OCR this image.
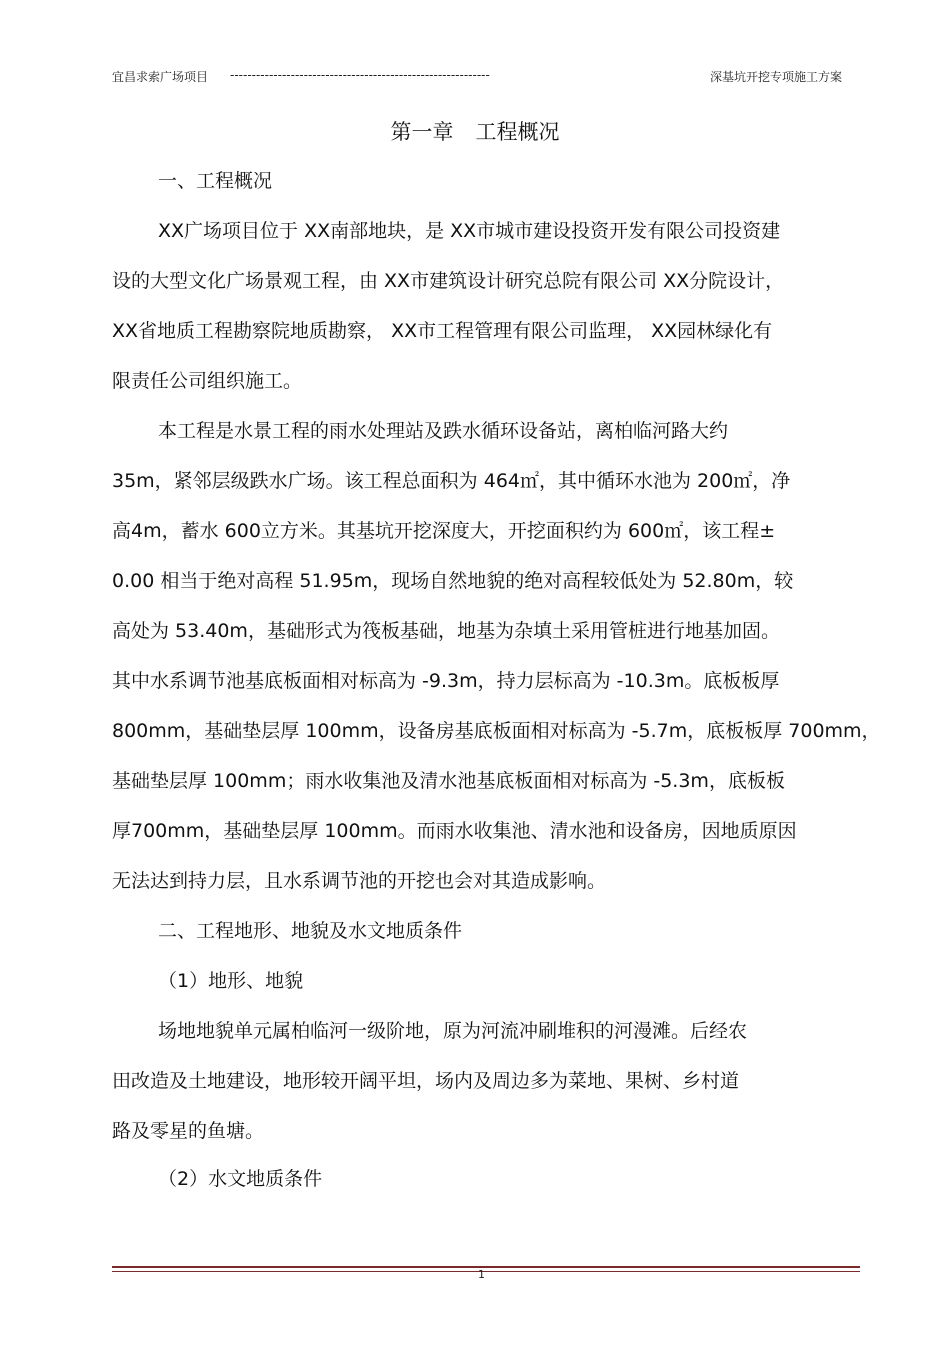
宜昌求索广场项目 ------------------------------------------------------------	深基坑开挖专项施工方案
第一章 工程概况
一、工程概况
XX广场项目位于 XX南部地块，是 XX市城市建设投资开发有限公司投资建
设的大型文化广场景观工程，由 XX市建筑设计研究总院有限公司 XX分院设计，
XX省地质工程勘察院地质勘察， XX市工程管理有限公司监理， XX园林绿化有
限责任公司组织施工。
本工程是水景工程的雨水处理站及跌水循环设备站，离柏临河路大约
35m，紧邻层级跌水广场。该工程总面积为 464㎡，其中循环水池为 200㎡，净
高4m，蓄水 600立方米。其基坑开挖深度大，开挖面积约为 600㎡，该工程±
0.00 相当于绝对高程 51.95m，现场自然地貌的绝对高程较低处为 52.80m，较
高处为 53.40m，基础形式为筏板基础，地基为杂填土采用管桩进行地基加固。
其中水系调节池基底板面相对标高为 -9.3m，持力层标高为 -10.3m。底板板厚
800mm，基础垫层厚 100mm，设备房基底板面相对标高为 -5.7m，底板板厚 700mm，
基础垫层厚 100mm；雨水收集池及清水池基底板面相对标高为 -5.3m，底板板
厚700mm，基础垫层厚 100mm。而雨水收集池、清水池和设备房，因地质原因
无法达到持力层，且水系调节池的开挖也会对其造成影响。
二、工程地形、地貌及水文地质条件
（1）地形、地貌
场地地貌单元属柏临河一级阶地，原为河流冲刷堆积的河漫滩。后经农
田改造及土地建设，地形较开阔平坦，场内及周边多为菜地、果树、乡村道
路及零星的鱼塘。
（2）水文地质条件
1
